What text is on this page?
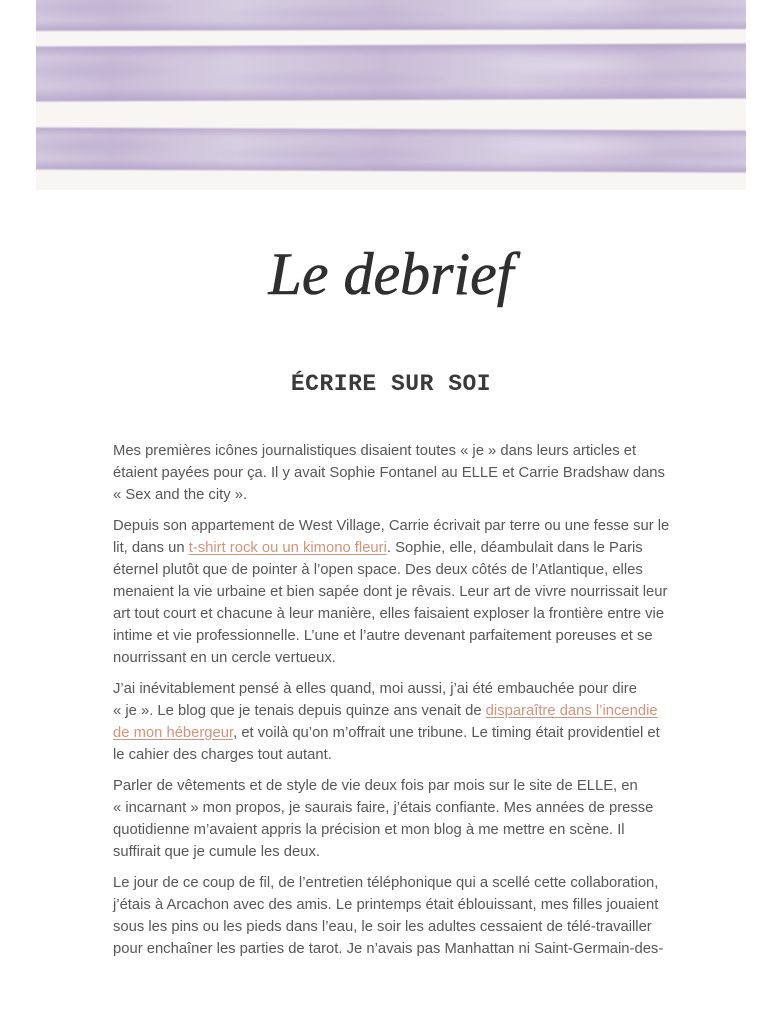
Le debrief
ÉCRIRE SUR SOI

Mes premières icônes journalistiques disaient toutes « je » dans leurs articles et étaient payées pour ça. Il y avait Sophie Fontanel au ELLE et Carrie Bradshaw dans « Sex and the city ».

Depuis son appartement de West Village, Carrie écrivait par terre ou une fesse sur le lit, dans un t-shirt rock ou un kimono fleuri. Sophie, elle, déambulait dans le Paris éternel plutôt que de pointer à l’open space. Des deux côtés de l’Atlantique, elles menaient la vie urbaine et bien sapée dont je rêvais. Leur art de vivre nourrissait leur art tout court et chacune à leur manière, elles faisaient exploser la frontière entre vie intime et vie professionnelle. L’une et l’autre devenant parfaitement poreuses et se nourrissant en un cercle vertueux.

J’ai inévitablement pensé à elles quand, moi aussi, j’ai été embauchée pour dire « je ». Le blog que je tenais depuis quinze ans venait de disparaître dans l’incendie de mon hébergeur, et voilà qu’on m’offrait une tribune. Le timing était providentiel et le cahier des charges tout autant.

Parler de vêtements et de style de vie deux fois par mois sur le site de ELLE, en « incarnant » mon propos, je saurais faire, j’étais confiante. Mes années de presse quotidienne m’avaient appris la précision et mon blog à me mettre en scène. Il suffirait que je cumule les deux.

Le jour de ce coup de fil, de l’entretien téléphonique qui a scellé cette collaboration, j’étais à Arcachon avec des amis. Le printemps était éblouissant, mes filles jouaient sous les pins ou les pieds dans l’eau, le soir les adultes cessaient de télé-travailler pour enchaîner les parties de tarot. Je n’avais pas Manhattan ni Saint-Germain-des-
